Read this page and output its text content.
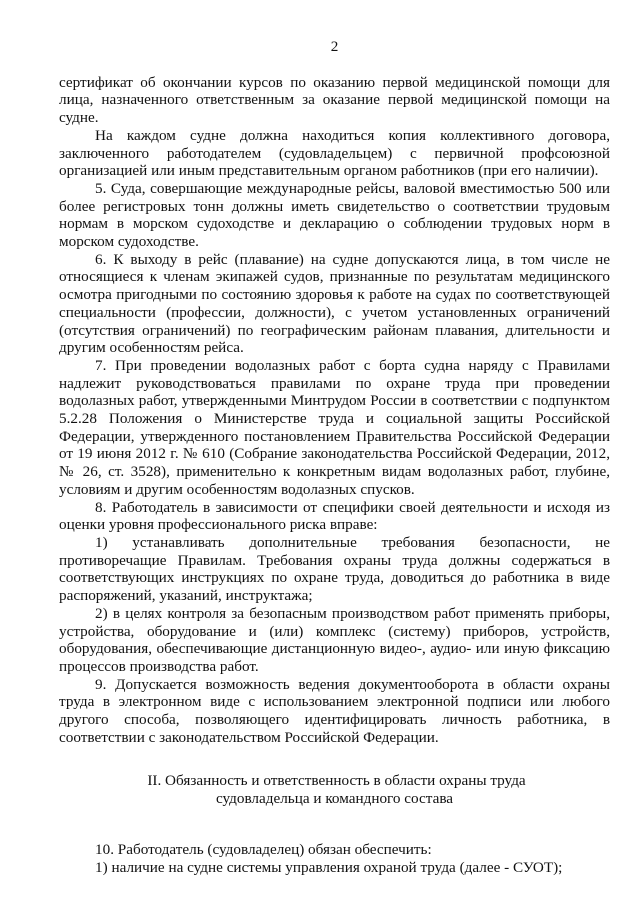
2

сертификат об окончании курсов по оказанию первой медицинской помощи для лица, назначенного ответственным за оказание первой медицинской помощи на судне.

На каждом судне должна находиться копия коллективного договора, заключенного работодателем (судовладельцем) с первичной профсоюзной организацией или иным представительным органом работников (при его наличии).

5. Суда, совершающие международные рейсы, валовой вместимостью 500 или более регистровых тонн должны иметь свидетельство о соответствии трудовым нормам в морском судоходстве и декларацию о соблюдении трудовых норм в морском судоходстве.

6. К выходу в рейс (плавание) на судне допускаются лица, в том числе не относящиеся к членам экипажей судов, признанные по результатам медицинского осмотра пригодными по состоянию здоровья к работе на судах по соответствующей специальности (профессии, должности), с учетом установленных ограничений (отсутствия ограничений) по географическим районам плавания, длительности и другим особенностям рейса.

7. При проведении водолазных работ с борта судна наряду с Правилами надлежит руководствоваться правилами по охране труда при проведении водолазных работ, утвержденными Минтрудом России в соответствии с подпунктом 5.2.28 Положения о Министерстве труда и социальной защиты Российской Федерации, утвержденного постановлением Правительства Российской Федерации от 19 июня 2012 г. № 610 (Собрание законодательства Российской Федерации, 2012, № 26, ст. 3528), применительно к конкретным видам водолазных работ, глубине, условиям и другим особенностям водолазных спусков.

8. Работодатель в зависимости от специфики своей деятельности и исходя из оценки уровня профессионального риска вправе:

1) устанавливать дополнительные требования безопасности, не противоречащие Правилам. Требования охраны труда должны содержаться в соответствующих инструкциях по охране труда, доводиться до работника в виде распоряжений, указаний, инструктажа;

2) в целях контроля за безопасным производством работ применять приборы, устройства, оборудование и (или) комплекс (систему) приборов, устройств, оборудования, обеспечивающие дистанционную видео-, аудио- или иную фиксацию процессов производства работ.

9. Допускается возможность ведения документооборота в области охраны труда в электронном виде с использованием электронной подписи или любого другого способа, позволяющего идентифицировать личность работника, в соответствии с законодательством Российской Федерации.

II. Обязанность и ответственность в области охраны труда
судовладельца и командного состава

10. Работодатель (судовладелец) обязан обеспечить:

1) наличие на судне системы управления охраной труда (далее - СУОТ);
